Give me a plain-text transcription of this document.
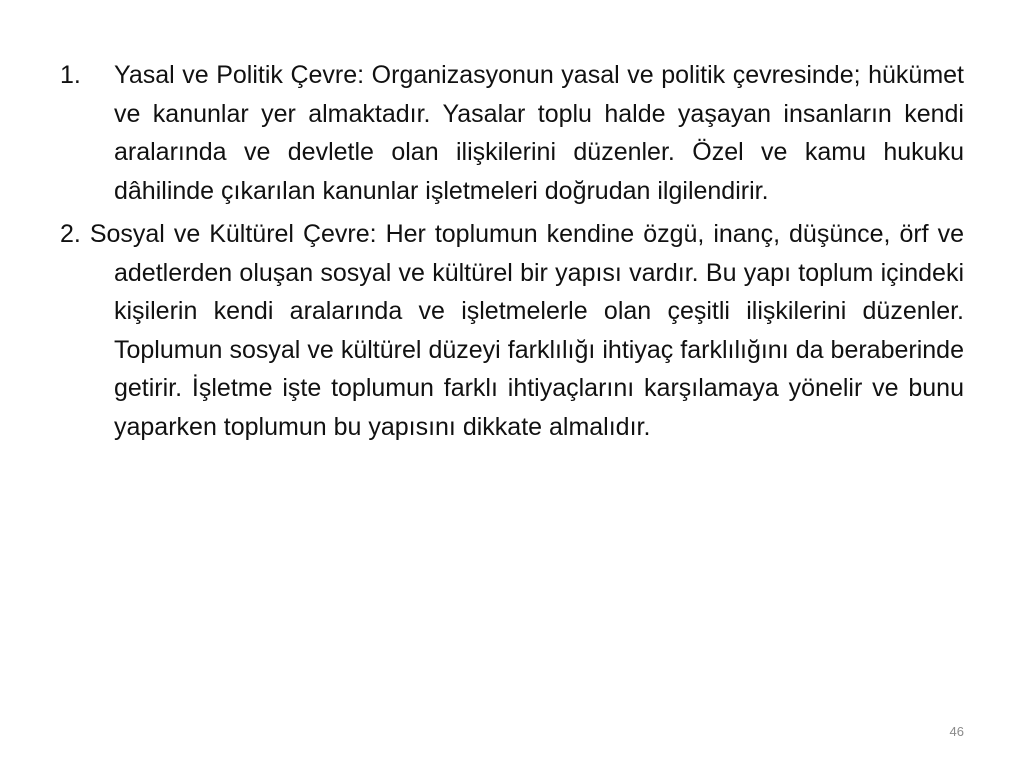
1.	Yasal ve Politik Çevre: Organizasyonun yasal ve politik çevresinde; hükümet ve kanunlar yer almaktadır. Yasalar toplu halde yaşayan insanların kendi aralarında ve devletle olan ilişkilerini düzenler. Özel ve kamu hukuku dâhilinde çıkarılan kanunlar işletmeleri doğrudan ilgilendirir.
2. Sosyal ve Kültürel Çevre: Her toplumun kendine özgü, inanç, düşünce, örf ve adetlerden oluşan sosyal ve kültürel bir yapısı vardır. Bu yapı toplum içindeki kişilerin kendi aralarında ve işletmelerle olan çeşitli ilişkilerini düzenler. Toplumun sosyal ve kültürel düzeyi farklılığı ihtiyaç farklılığını da beraberinde getirir. İşletme işte toplumun farklı ihtiyaçlarını karşılamaya yönelir ve bunu yaparken toplumun bu yapısını dikkate almalıdır.
46
